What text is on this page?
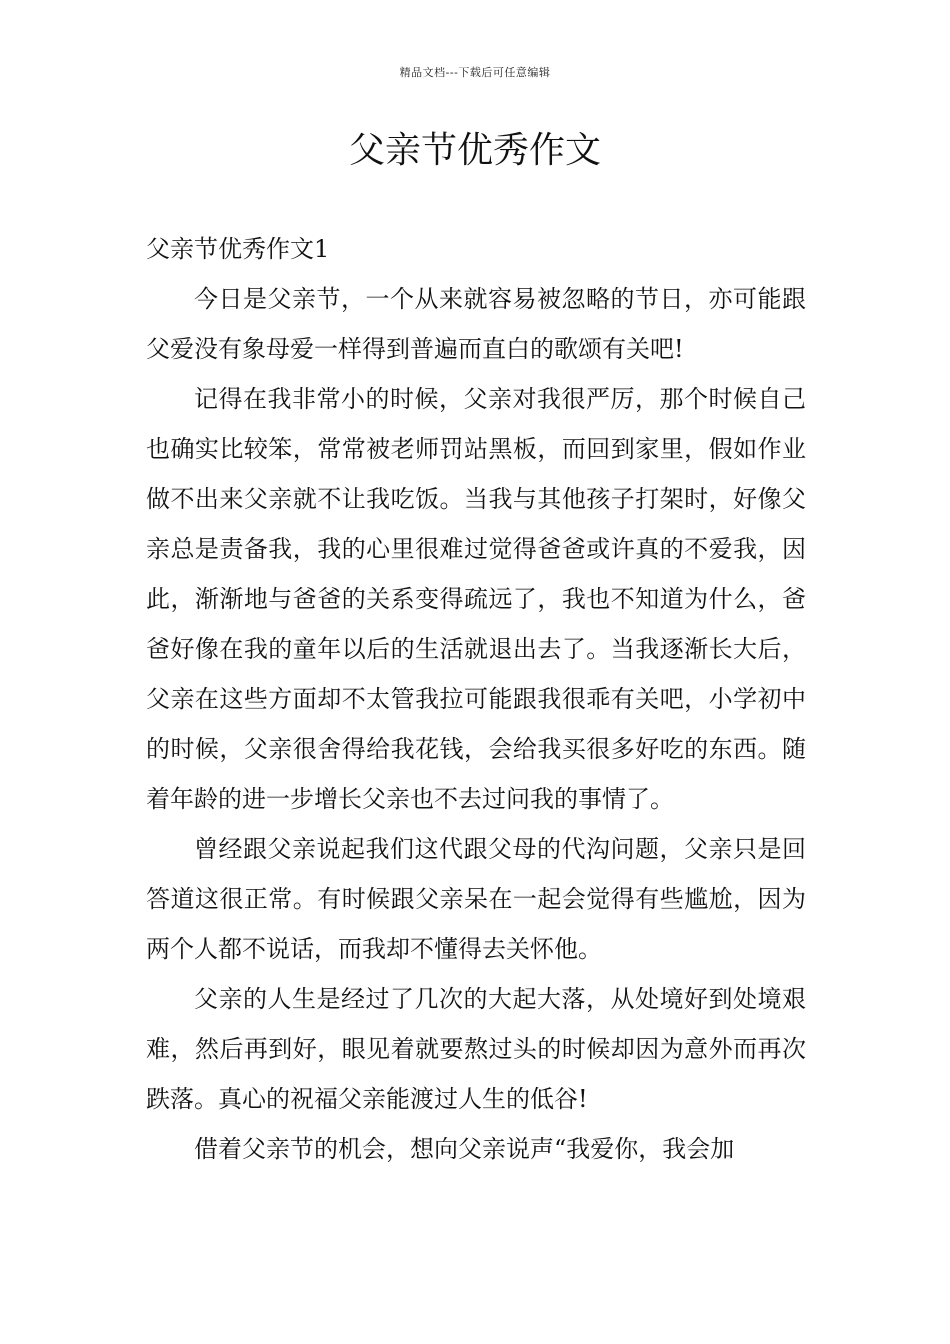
精品文档---下载后可任意编辑
父亲节优秀作文

父亲节优秀作文1

今日是父亲节，一个从来就容易被忽略的节日，亦可能跟父爱没有象母爱一样得到普遍而直白的歌颂有关吧!

记得在我非常小的时候，父亲对我很严厉，那个时候自己也确实比较笨，常常被老师罚站黑板，而回到家里，假如作业做不出来父亲就不让我吃饭。当我与其他孩子打架时，好像父亲总是责备我，我的心里很难过觉得爸爸或许真的不爱我，因此，渐渐地与爸爸的关系变得疏远了，我也不知道为什么，爸爸好像在我的童年以后的生活就退出去了。当我逐渐长大后，父亲在这些方面却不太管我拉可能跟我很乖有关吧，小学初中的时候，父亲很舍得给我花钱，会给我买很多好吃的东西。随着年龄的进一步增长父亲也不去过问我的事情了。

曾经跟父亲说起我们这代跟父母的代沟问题，父亲只是回答道这很正常。有时候跟父亲呆在一起会觉得有些尴尬，因为两个人都不说话，而我却不懂得去关怀他。

父亲的人生是经过了几次的大起大落，从处境好到处境艰难，然后再到好，眼见着就要熬过头的时候却因为意外而再次跌落。真心的祝福父亲能渡过人生的低谷!

借着父亲节的机会，想向父亲说声“我爱你，我会加
